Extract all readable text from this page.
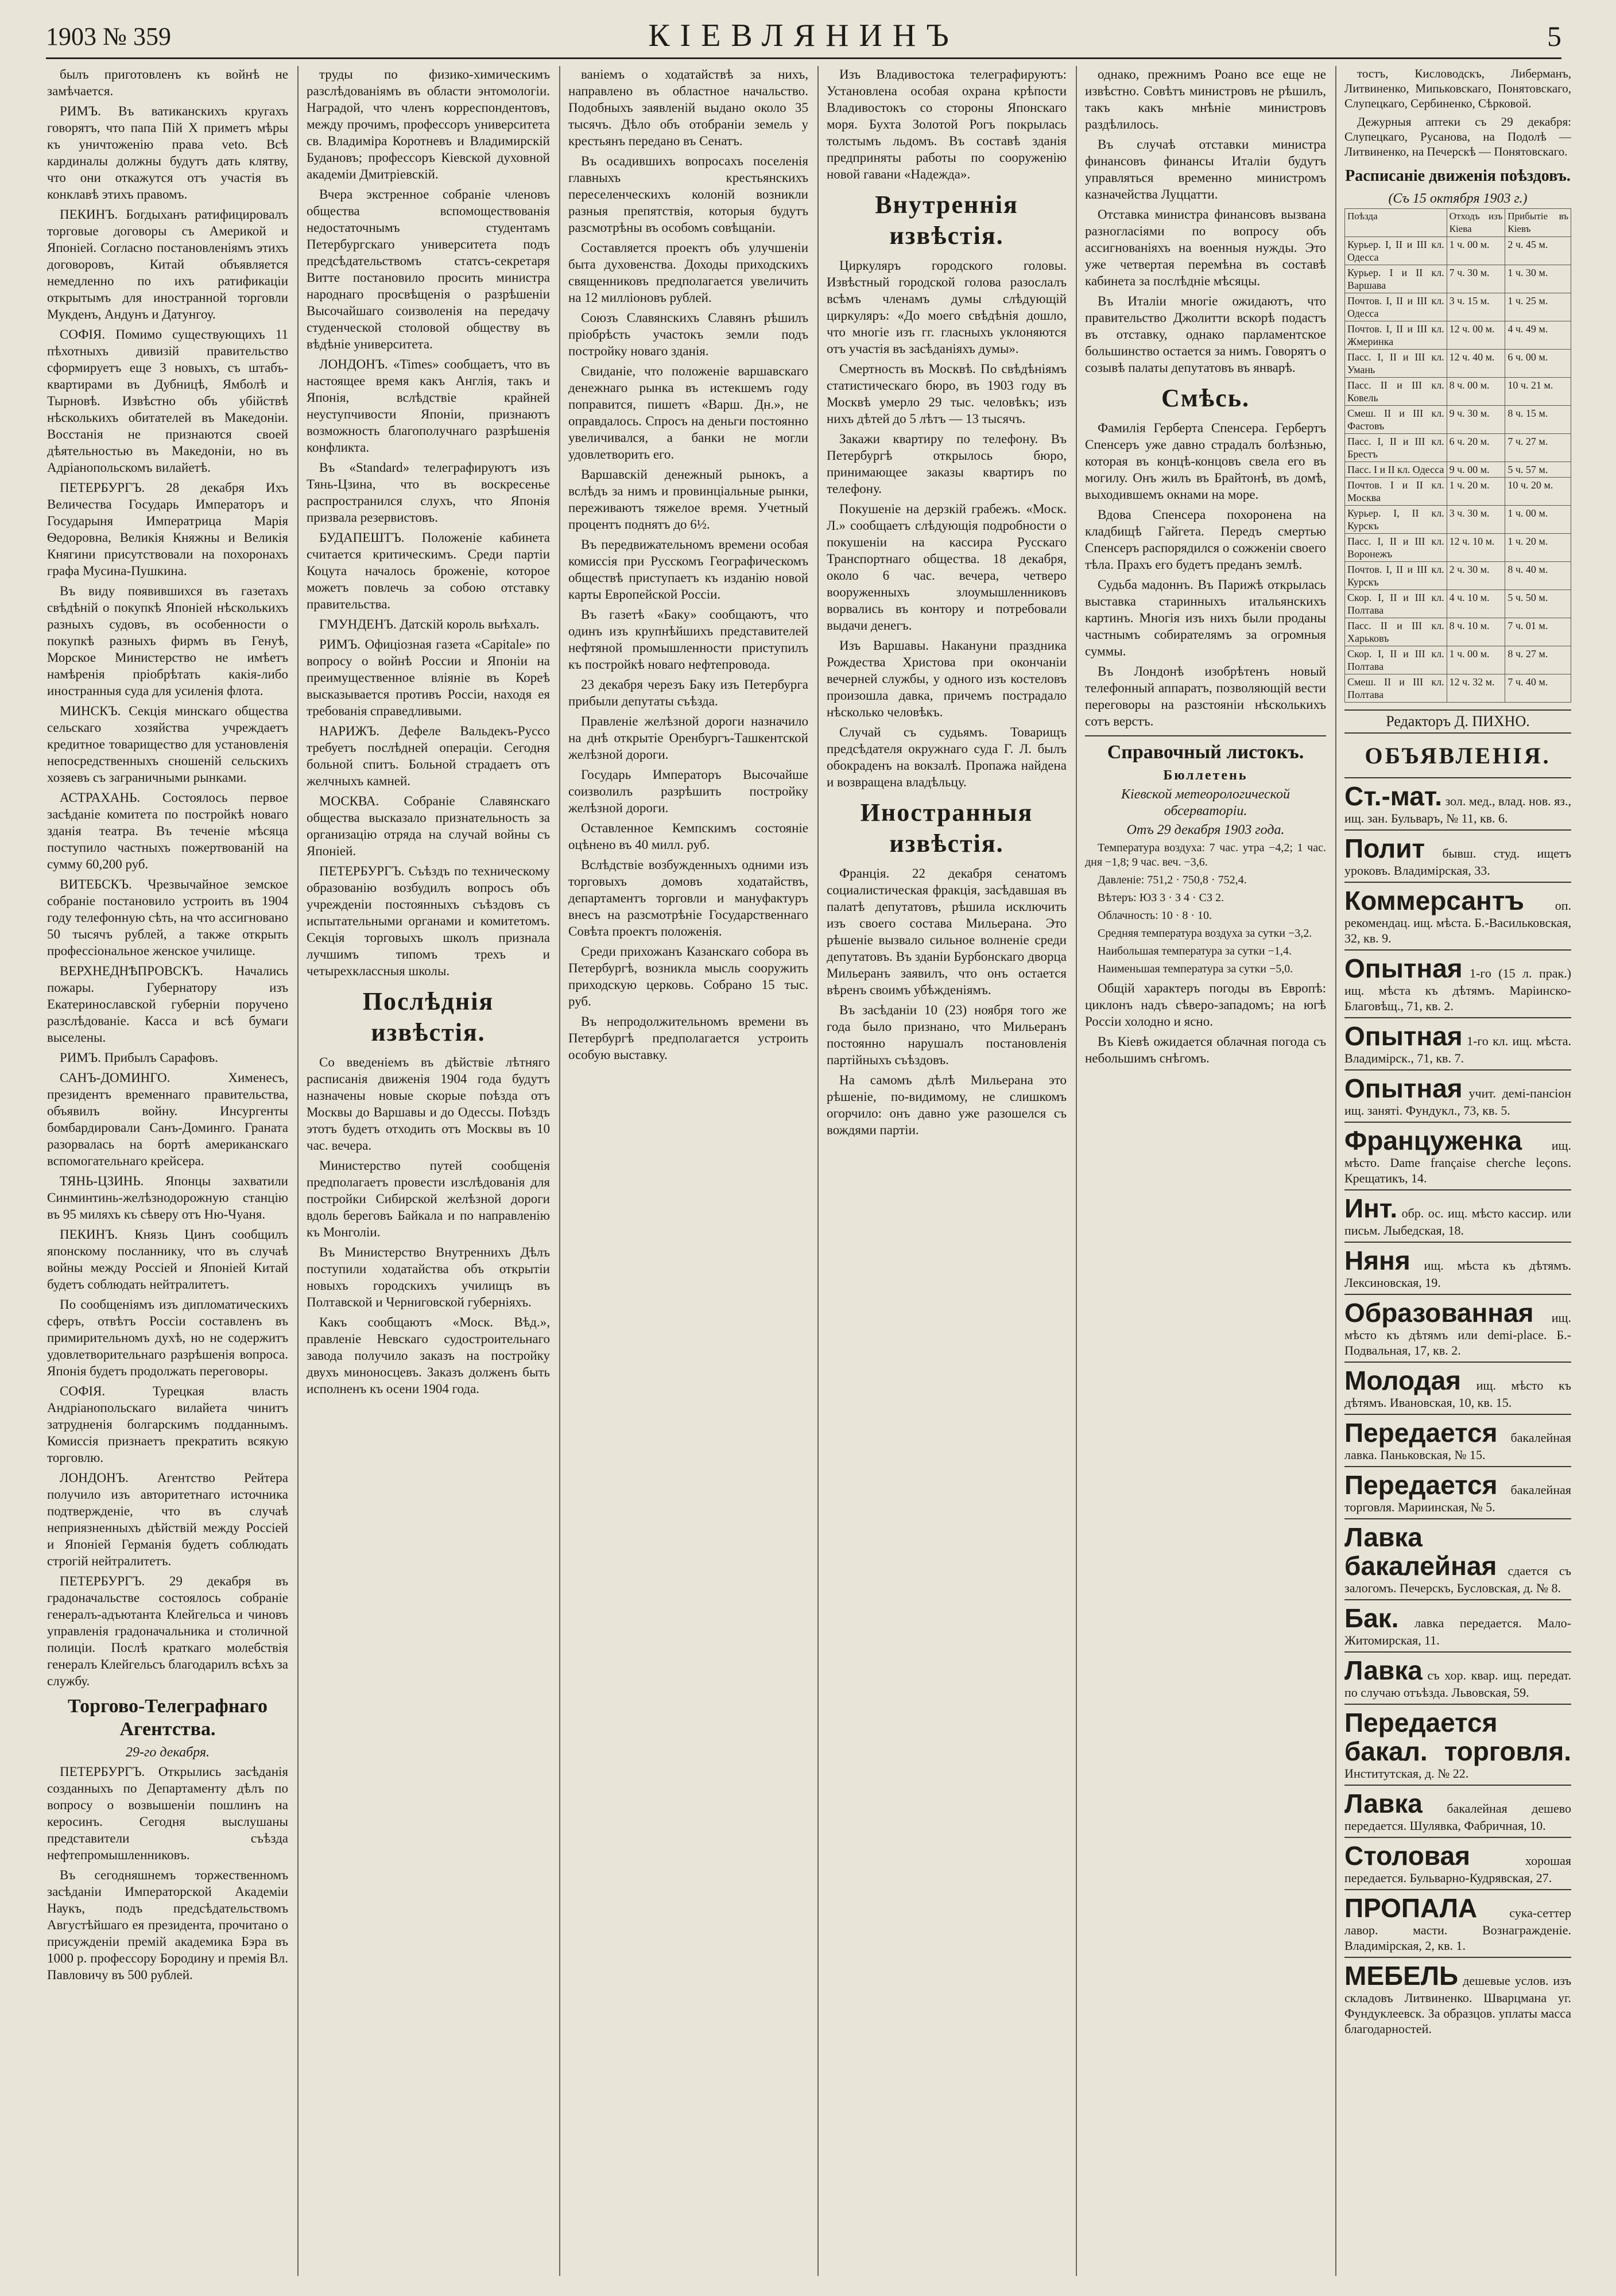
1903 № 359	КІЕВЛЯНИНЪ	5

былъ приготовленъ къ войнѣ не замѣчается.

РИМЪ. Въ ватиканскихъ кругахъ говорятъ, что папа Пій Х приметъ мѣры къ уничтоженію права veto. Всѣ кардиналы должны будутъ дать клятву, что они откажутся отъ участія въ конклавѣ этихъ правомъ.

ПЕКИНЪ. Богдыханъ ратифицировалъ торговые договоры съ Америкой и Японіей. Согласно постановленіямъ этихъ договоровъ, Китай объявляется немедленно по ихъ ратификаціи открытымъ для иностранной торговли Мукденъ, Андунъ и Датунгоу.

СОФІЯ. Помимо существующихъ 11 пѣхотныхъ дивизій правительство сформируетъ еще 3 новыхъ, съ штабъ-квартирами въ Дубницѣ, Ямболѣ и Тырновѣ. Извѣстно объ убійствѣ нѣсколькихъ обитателей въ Македоніи. Восстанія не признаются своей дѣятельностью въ Македоніи, но въ Адріанопольскомъ вилайетѣ.

ПЕТЕРБУРГЪ. 28 декабря Ихъ Величества Государь Императоръ и Государыня Императрица Марія Ѳедоровна, Великія Княжны и Великія Княгини присутствовали на похоронахъ графа Мусина-Пушкина.

Въ виду появившихся въ газетахъ свѣдѣній о покупкѣ Японіей нѣсколькихъ разныхъ судовъ, въ особенности о покупкѣ разныхъ фирмъ въ Генуѣ, Морское Министерство не имѣетъ намѣренія пріобрѣтать какія-либо иностранныя суда для усиленія флота.

МИНСКЪ. Секція минскаго общества сельскаго хозяйства учреждаетъ кредитное товарищество для установленія непосредственныхъ сношеній сельскихъ хозяевъ съ заграничными рынками.

АСТРАХАНЬ. Состоялось первое засѣданіе комитета по постройкѣ новаго зданія театра. Въ теченіе мѣсяца поступило частныхъ пожертвованій на сумму 60,200 руб.

ВИТЕБСКЪ. Чрезвычайное земское собраніе постановило устроить въ 1904 году телефонную сѣть, на что ассигновано 50 тысячъ рублей, а также открыть профессіональное женское училище.

ВЕРХНЕДНѢПРОВСКЪ. Начались пожары. Губернатору изъ Екатеринославской губерніи поручено разслѣдованіе. Касса и всѣ бумаги выселены.

РИМЪ. Прибылъ Сарафовъ.

САНЪ-ДОМИНГО. Хименесъ, президентъ временнаго правительства, объявилъ войну. Инсургенты бомбардировали Санъ-Доминго. Граната разорвалась на бортѣ американскаго вспомогательнаго крейсера.

ТЯНЬ-ЦЗИНЬ. Японцы захватили Синминтинь-желѣзнодорожную станцію въ 95 миляхъ къ сѣверу отъ Ню-Чуаня.

ПЕКИНЪ. Князь Цинъ сообщилъ японскому посланнику, что въ случаѣ войны между Россіей и Японіей Китай будетъ соблюдать нейтралитетъ.

По сообщеніямъ изъ дипломатическихъ сферъ, отвѣтъ Россіи составленъ въ примирительномъ духѣ, но не содержитъ удовлетворительнаго разрѣшенія вопроса. Японія будетъ продолжать переговоры.

СОФІЯ. Турецкая власть Андріанопольскаго вилайета чинитъ затрудненія болгарскимъ подданнымъ. Комиссія признаетъ прекратить всякую торговлю.

ЛОНДОНЪ. Агентство Рейтера получило изъ авторитетнаго источника подтвержденіе, что въ случаѣ неприязненныхъ дѣйствій между Россіей и Японіей Германія будетъ соблюдать строгій нейтралитетъ.

ПЕТЕРБУРГЪ. 29 декабря въ градоначальстве состоялось собраніе генералъ-адъютанта Клейгельса и чиновъ управленія градоначальника и столичной полиціи. Послѣ краткаго молебствія генералъ Клейгельсъ благодарилъ всѣхъ за службу.

Торгово-Телеграфнаго Агентства.
29-го декабря.

ПЕТЕРБУРГЪ. Открылись засѣданія созданныхъ по Департаменту дѣлъ по вопросу о возвышеніи пошлинъ на керосинъ. Сегодня выслушаны представители съѣзда нефтепромышленниковъ.

Въ сегодняшнемъ торжественномъ засѣданіи Императорской Академіи Наукъ, подъ предсѣдательствомъ Августѣйшаго ея президента, прочитано о присужденіи премій академика Бэра въ 1000 р. профессору Бородину и премія Вл. Павловичу въ 500 рублей.

труды по физико-химическимъ разслѣдованіямъ въ области энтомологіи. Наградой, что членъ корреспондентовъ, между прочимъ, профессоръ университета св. Владиміра Коротневъ и Владимирскій Будановъ; профессоръ Кіевской духовной академіи Дмитріевскій.

Вчера экстренное собраніе членовъ общества вспомоществованія недостаточнымъ студентамъ Петербургскаго университета подъ предсѣдательствомъ статсъ-секретаря Витте постановило просить министра народнаго просвѣщенія о разрѣшеніи Высочайшаго соизволенія на передачу студенческой столовой обществу въ вѣдѣніе университета.

ЛОНДОНЪ. «Times» сообщаетъ, что въ настоящее время какъ Англія, такъ и Японія, вслѣдствіе крайней неуступчивости Японіи, признаютъ возможность благополучнаго разрѣшенія конфликта.

Въ «Standard» телеграфируютъ изъ Тянь-Цзина, что въ воскресенье распространился слухъ, что Японія призвала резервистовъ.

БУДАПЕШТЪ. Положеніе кабинета считается критическимъ. Среди партіи Коцута началось броженіе, которое можетъ повлечь за собою отставку правительства.

ГМУНДЕНЪ. Датскій король выѣхалъ.

РИМЪ. Офиціозная газета «Capitale» по вопросу о войнѣ России и Японіи на преимущественное вліяніе въ Кореѣ высказывается противъ Россіи, находя ея требованія справедливыми.

НАРИЖЪ. Дефеле Вальдекъ-Руссо требуетъ послѣдней операціи. Сегодня больной спитъ. Больной страдаетъ отъ желчныхъ камней.

МОСКВА. Собраніе Славянскаго общества высказало признательность за организацію отряда на случай войны съ Японіей.

ПЕТЕРБУРГЪ. Съѣздъ по техническому образованію возбудилъ вопросъ объ учрежденіи постоянныхъ съѣздовъ съ испытательными органами и комитетомъ. Секція торговыхъ школъ признала лучшимъ типомъ трехъ и четырехклассныя школы.

Послѣднія извѣстія.

Со введеніемъ въ дѣйствіе лѣтняго расписанія движенія 1904 года будутъ назначены новые скорые поѣзда отъ Москвы до Варшавы и до Одессы. Поѣздъ этотъ будетъ отходить отъ Москвы въ 10 час. вечера.

Министерство путей сообщенія предполагаетъ провести изслѣдованія для постройки Сибирской желѣзной дороги вдоль береговъ Байкала и по направленію къ Монголіи.

Въ Министерство Внутреннихъ Дѣлъ поступили ходатайства объ открытіи новыхъ городскихъ училищъ въ Полтавской и Черниговской губерніяхъ.

Какъ сообщаютъ «Моск. Вѣд.», правленіе Невскаго судостроительнаго завода получило заказъ на постройку двухъ миноносцевъ. Заказъ долженъ быть исполненъ къ осени 1904 года.

ваніемъ о ходатайствѣ за нихъ, направлено въ областное начальство. Подобныхъ заявленій выдано около 35 тысячъ. Дѣло объ отобраніи земель у крестьянъ передано въ Сенатъ.

Въ осадившихъ вопросахъ поселенія главныхъ крестьянскихъ переселенческихъ колоній возникли разныя препятствія, которыя будутъ разсмотрѣны въ особомъ совѣщаніи.

Составляется проектъ объ улучшеніи быта духовенства. Доходы приходскихъ священниковъ предполагается увеличить на 12 милліоновъ рублей.

Союзъ Славянскихъ Славянъ рѣшилъ пріобрѣсть участокъ земли подъ постройку новаго зданія.

Свиданіе, что положеніе варшавскаго денежнаго рынка въ истекшемъ году поправится, пишетъ «Варш. Дн.», не оправдалось. Спросъ на деньги постоянно увеличивался, а банки не могли удовлетворить его.

Варшавскій денежный рынокъ, а вслѣдъ за нимъ и провинціальные рынки, переживаютъ тяжелое время. Учетный процентъ поднятъ до 6½.

Въ передвижательномъ времени особая комиссія при Русскомъ Географическомъ обществѣ приступаетъ къ изданію новой карты Европейской Россіи.

Въ газетѣ «Баку» сообщаютъ, что одинъ изъ крупнѣйшихъ представителей нефтяной промышленности приступилъ къ постройкѣ новаго нефтепровода.

23 декабря черезъ Баку изъ Петербурга прибыли депутаты съѣзда.

Правленіе желѣзной дороги назначило на днѣ открытіе Оренбургъ-Ташкентской желѣзной дороги.

Государь Императоръ Высочайше соизволилъ разрѣшить постройку желѣзной дороги.

Оставленное Кемпскимъ состояніе оцѣнено въ 40 милл. руб.

Вслѣдствіе возбужденныхъ одними изъ торговыхъ домовъ ходатайствъ, департаментъ торговли и мануфактуръ внесъ на разсмотрѣніе Государственнаго Совѣта проектъ положенія.

Среди прихожанъ Казанскаго собора въ Петербургѣ, возникла мысль сооружить приходскую церковь. Собрано 15 тыс. руб.

Въ непродолжительномъ времени въ Петербургѣ предполагается устроить особую выставку.

Изъ Владивостока телеграфируютъ: Установлена особая охрана крѣпости Владивостокъ со стороны Японскаго моря. Бухта Золотой Рогъ покрылась толстымъ льдомъ. Въ составѣ зданія предприняты работы по сооруженію новой гавани «Надежда».

Внутреннія извѣстія.

Циркуляръ городского головы. Извѣстный городской голова разослалъ всѣмъ членамъ думы слѣдующій циркуляръ: «До моего свѣдѣнія дошло, что многіе изъ гг. гласныхъ уклоняются отъ участія въ засѣданіяхъ думы».

Смертность въ Москвѣ. По свѣдѣніямъ статистическаго бюро, въ 1903 году въ Москвѣ умерло 29 тыс. человѣкъ; изъ нихъ дѣтей до 5 лѣтъ — 13 тысячъ.

Закажи квартиру по телефону. Въ Петербургѣ открылось бюро, принимающее заказы квартиръ по телефону.

Покушеніе на дерзкій грабежъ. «Моск. Л.» сообщаетъ слѣдующія подробности о покушеніи на кассира Русскаго Транспортнаго общества. 18 декабря, около 6 час. вечера, четверо вооруженныхъ злоумышленниковъ ворвались въ контору и потребовали выдачи денегъ.

Изъ Варшавы. Накануни праздника Рождества Христова при окончаніи вечерней службы, у одного изъ костеловъ произошла давка, причемъ пострадало нѣсколько человѣкъ.

Случай съ судьямъ. Товарищъ предсѣдателя окружнаго суда Г. Л. былъ обокраденъ на вокзалѣ. Пропажа найдена и возвращена владѣльцу.

Иностранныя извѣстія.

Франція. 22 декабря сенатомъ социалистическая фракція, засѣдавшая въ палатѣ депутатовъ, рѣшила исключить изъ своего состава Мильерана. Это рѣшеніе вызвало сильное волненіе среди депутатовъ. Въ зданіи Бурбонскаго дворца Мильеранъ заявилъ, что онъ остается вѣренъ своимъ убѣжденіямъ.

Въ засѣданіи 10 (23) ноября того же года было признано, что Мильеранъ постоянно нарушалъ постановленія партійныхъ съѣздовъ.

На самомъ дѣлѣ Мильерана это рѣшеніе, по-видимому, не слишкомъ огорчило: онъ давно уже разошелся съ вождями партіи.

однако, прежнимъ Роано все еще не извѣстно. Совѣтъ министровъ не рѣшилъ, такъ какъ мнѣніе министровъ раздѣлилось.

Въ случаѣ отставки министра финансовъ финансы Италіи будутъ управляться временно министромъ казначейства Луццатти.

Отставка министра финансовъ вызвана разногласіями по вопросу объ ассигнованіяхъ на военныя нужды. Это уже четвертая перемѣна въ составѣ кабинета за послѣдніе мѣсяцы.

Въ Италіи многіе ожидаютъ, что правительство Джолитти вскорѣ подастъ въ отставку, однако парламентское большинство остается за нимъ. Говорятъ о созывѣ палаты депутатовъ въ январѣ.

Смѣсь.

Фамилія Герберта Спенсера. Гербертъ Спенсеръ уже давно страдалъ болѣзнью, которая въ концѣ-концовъ свела его въ могилу. Онъ жилъ въ Брайтонѣ, въ домѣ, выходившемъ окнами на море.

Вдова Спенсера похоронена на кладбищѣ Гайгета. Передъ смертью Спенсеръ распорядился о сожженіи своего тѣла. Прахъ его будетъ преданъ землѣ.

Судьба мадоннъ. Въ Парижѣ открылась выставка старинныхъ итальянскихъ картинъ. Многія изъ нихъ были проданы частнымъ собирателямъ за огромныя суммы.

Въ Лондонѣ изобрѣтенъ новый телефонный аппаратъ, позволяющій вести переговоры на разстояніи нѣсколькихъ сотъ верстъ.

Справочный листокъ.
Бюллетень
Кіевской метеорологической обсерваторіи.
Отъ 29 декабря 1903 года.

Температура воздуха: 7 час. утра −4,2; 1 час. дня −1,8; 9 час. веч. −3,6.

Давленіе: 751,2 · 750,8 · 752,4.

Вѣтеръ: ЮЗ 3 · З 4 · СЗ 2.

Облачность: 10 · 8 · 10.

Средняя температура воздуха за сутки −3,2.

Наибольшая температура за сутки −1,4.

Наименьшая температура за сутки −5,0.

Общій характеръ погоды въ Европѣ: циклонъ надъ сѣверо-западомъ; на югѣ Россіи холодно и ясно.

Въ Кіевѣ ожидается облачная погода съ небольшимъ снѣгомъ.

тостъ, Кисловодскъ, Либерманъ, Литвиненко, Мипьковскаго, Понятовскаго, Слупецкаго, Сербиненко, Сѣрковой.

Дежурныя аптеки съ 29 декабря: Слупецкаго, Русанова, на Подолѣ — Литвиненко, на Печерскѣ — Понятовскаго.

Расписаніе движенія поѣздовъ.
(Съ 15 октября 1903 г.)
Поѣзда	Отходъ изъ Кіева	Прибытіе въ Кіевъ
Курьер. I, II и III кл. Одесса	1 ч. 00 м.	2 ч. 45 м.
Курьер. I и II кл. Варшава	7 ч. 30 м.	1 ч. 30 м.
Почтов. I, II и III кл. Одесса	3 ч. 15 м.	1 ч. 25 м.
Почтов. I, II и III кл. Жмеринка	12 ч. 00 м.	4 ч. 49 м.
Пасс. I, II и III кл. Умань	12 ч. 40 м.	6 ч. 00 м.
Пасс. II и III кл. Ковель	8 ч. 00 м.	10 ч. 21 м.
Смеш. II и III кл. Фастовъ	9 ч. 30 м.	8 ч. 15 м.
Пасс. I, II и III кл. Брестъ	6 ч. 20 м.	7 ч. 27 м.
Пасс. I и II кл. Одесса	9 ч. 00 м.	5 ч. 57 м.
Почтов. I и II кл. Москва	1 ч. 20 м.	10 ч. 20 м.
Курьер. I, II кл. Курскъ	3 ч. 30 м.	1 ч. 00 м.
Пасс. I, II и III кл. Воронежъ	12 ч. 10 м.	1 ч. 20 м.
Почтов. I, II и III кл. Курскъ	2 ч. 30 м.	8 ч. 40 м.
Скор. I, II и III кл. Полтава	4 ч. 10 м.	5 ч. 50 м.
Пасс. II и III кл. Харьковъ	8 ч. 10 м.	7 ч. 01 м.
Скор. I, II и III кл. Полтава	1 ч. 00 м.	8 ч. 27 м.
Смеш. II и III кл. Полтава	12 ч. 32 м.	7 ч. 40 м.
Редакторъ Д. ПИХНО.
ОБЪЯВЛЕНІЯ.
Ст.-мат. зол. мед., влад. нов. яз., ищ. зан. Бульваръ, № 11, кв. 6.
Полит бывш. студ. ищетъ уроковъ. Владимірская, 33.
Коммерсантъ оп. рекомендац. ищ. мѣста. Б.-Васильковская, 32, кв. 9.
Опытная 1-го (15 л. прак.) ищ. мѣста къ дѣтямъ. Маріинско-Благовѣщ., 71, кв. 2.
Опытная 1-го кл. ищ. мѣста. Владимірск., 71, кв. 7.
Опытная учит. демі-пансіон ищ. заняті. Фундукл., 73, кв. 5.
Француженка ищ. мѣсто. Dame française cherche leçons. Крещатикъ, 14.
Инт. обр. ос. ищ. мѣсто кассир. или письм. Лыбедская, 18.
Няня ищ. мѣста къ дѣтямъ. Лексиновская, 19.
Образованная ищ. мѣсто къ дѣтямъ или demi-place. Б.-Подвальная, 17, кв. 2.
Молодая ищ. мѣсто къ дѣтямъ. Ивановская, 10, кв. 15.
Передается бакалейная лавка. Паньковская, № 15.
Передается бакалейная торговля. Мариинская, № 5.
Лавка бакалейная сдается съ залогомъ. Печерскъ, Бусловская, д. № 8.
Бак. лавка передается. Мало-Житомирская, 11.
Лавка съ хор. квар. ищ. передат. по случаю отъѣзда. Львовская, 59.
Передается бакал. торговля. Институтская, д. № 22.
Лавка бакалейная дешево передается. Шулявка, Фабричная, 10.
Столовая	хорошая передается. Бульварно-Кудрявская, 27.
ПРОПАЛА	сука-сеттер лавор. масти. Вознагражденіе. Владимірская, 2, кв. 1.
МЕБЕЛЬ дешевые услов. изъ складовъ Литвиненко. Шварцмана уг. Фундуклеевск. За образцов. уплаты масса благодарностей.
